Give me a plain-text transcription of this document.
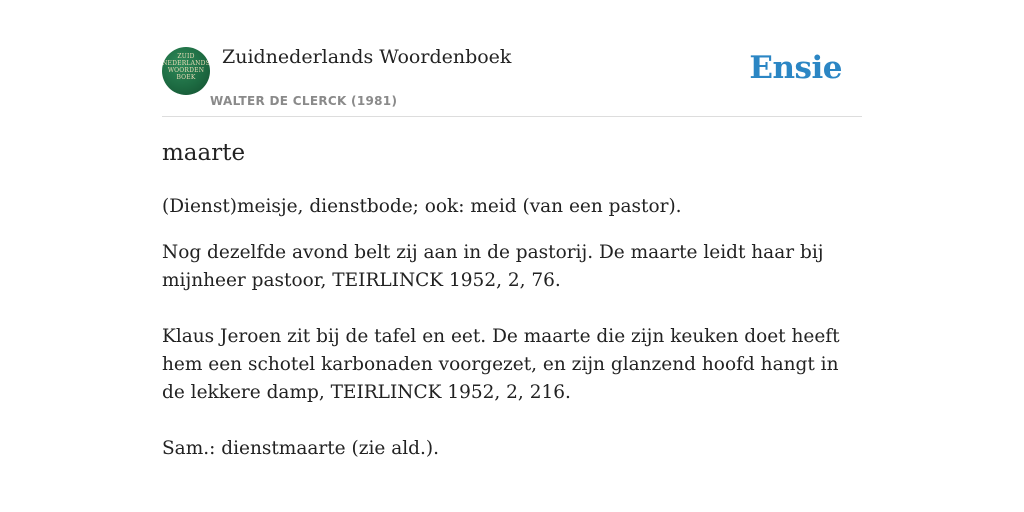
ZUID
NEDERLANDS
WOORDEN
BOEK
Zuidnederlands Woordenboek
WALTER DE CLERCK (1981)
Ensie
maarte
(Dienst)meisje, dienstbode; ook: meid (van een pastor).
Nog dezelfde avond belt zij aan in de pastorij. De maarte leidt haar bij mijnheer pastoor, TEIRLINCK 1952, 2, 76.
Klaus Jeroen zit bij de tafel en eet. De maarte die zijn keuken doet heeft hem een schotel karbonaden voorgezet, en zijn glanzend hoofd hangt in de lekkere damp, TEIRLINCK 1952, 2, 216.
Sam.: dienstmaarte (zie ald.).
